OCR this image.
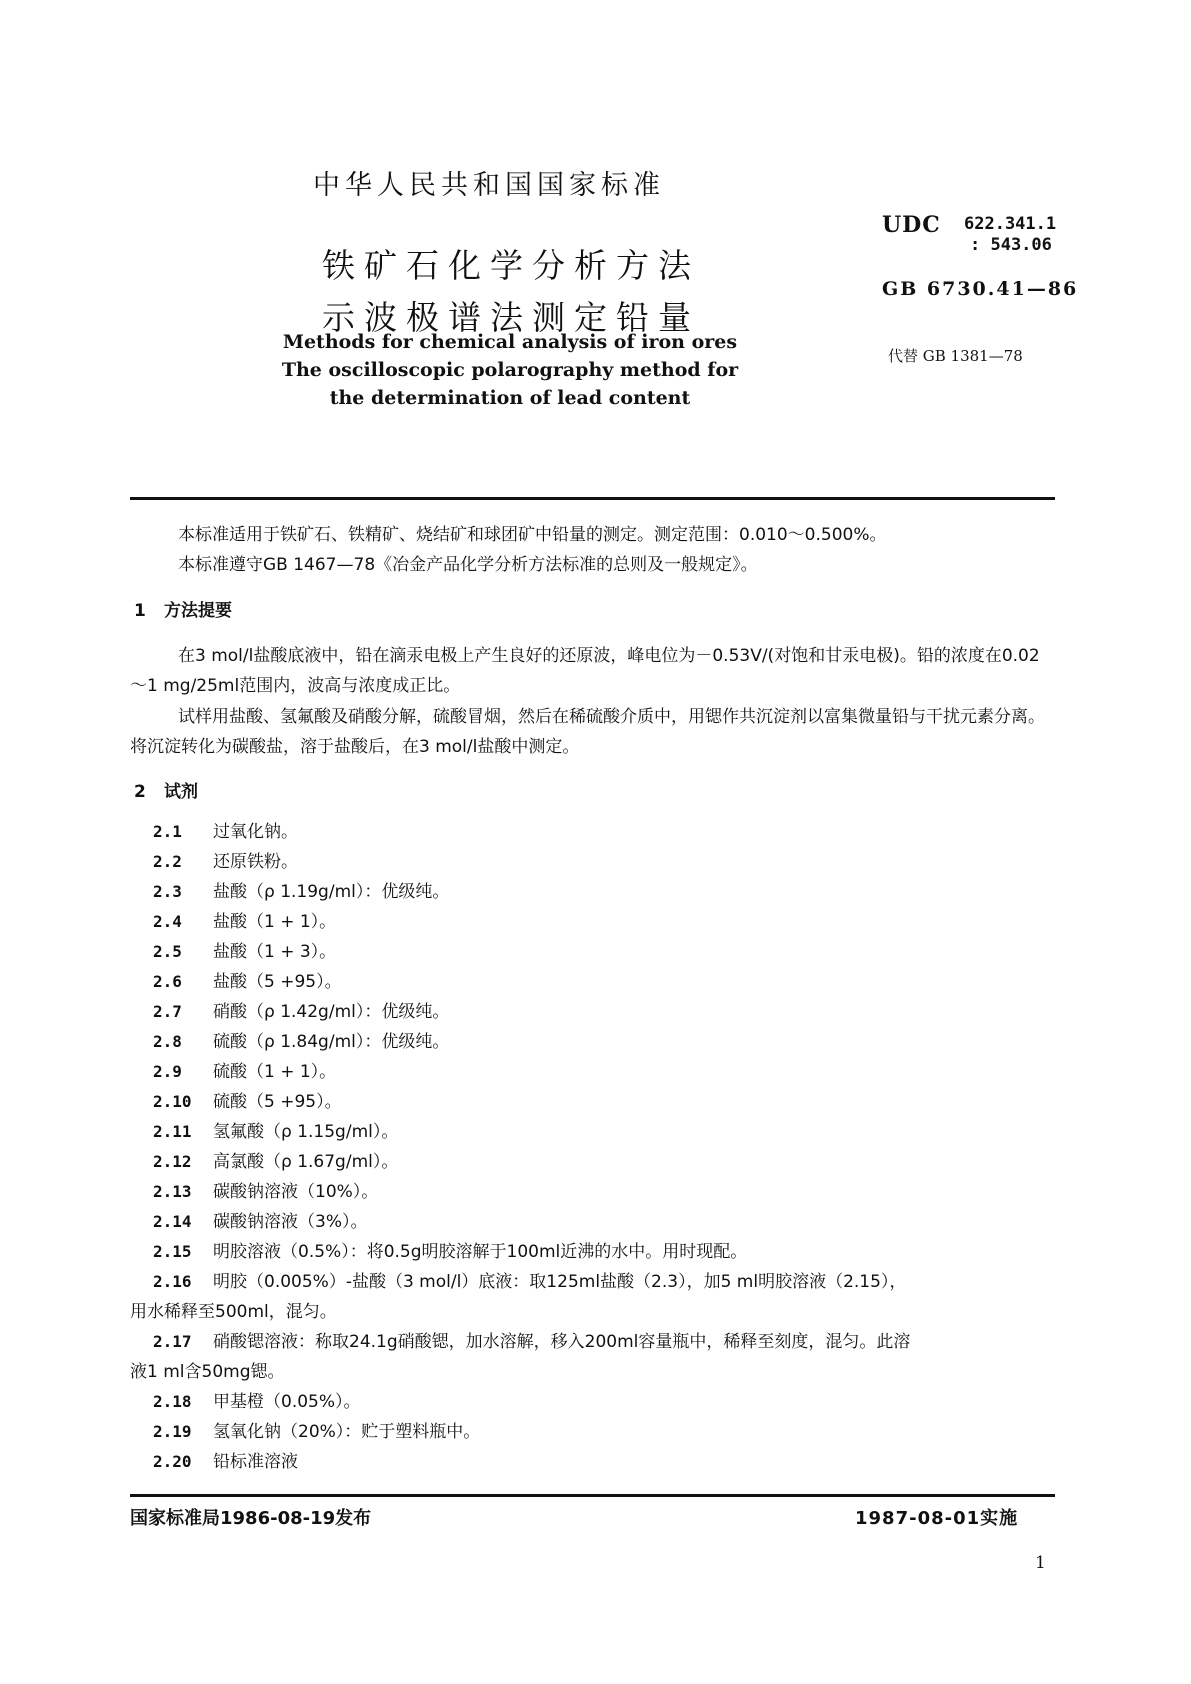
中华人民共和国国家标准
铁矿石化学分析方法
示波极谱法测定铅量
Methods for chemical analysis of iron ores
The oscilloscopic polarography method for
the determination of lead content
UDC 622.341.1
: 543.06
GB 6730.41—86
代替 GB 1381—78
本标准适用于铁矿石、铁精矿、烧结矿和球团矿中铅量的测定。测定范围：0.010～0.500%。
本标准遵守GB 1467—78《冶金产品化学分析方法标准的总则及一般规定》。
1 方法提要
在3 mol/l盐酸底液中，铅在滴汞电极上产生良好的还原波，峰电位为－0.53V/(对饱和甘汞电极)。铅的浓度在0.02～1 mg/25ml范围内，波高与浓度成正比。
试样用盐酸、氢氟酸及硝酸分解，硫酸冒烟，然后在稀硫酸介质中，用锶作共沉淀剂以富集微量铅与干扰元素分离。将沉淀转化为碳酸盐，溶于盐酸后，在3 mol/l盐酸中测定。
2 试剂
2.1 过氧化钠。
2.2 还原铁粉。
2.3 盐酸（ρ 1.19g/ml）：优级纯。
2.4 盐酸（1 + 1）。
2.5 盐酸（1 + 3）。
2.6 盐酸（5 +95）。
2.7 硝酸（ρ 1.42g/ml）：优级纯。
2.8 硫酸（ρ 1.84g/ml）：优级纯。
2.9 硫酸（1 + 1）。
2.10 硫酸（5 +95）。
2.11 氢氟酸（ρ 1.15g/ml）。
2.12 高氯酸（ρ 1.67g/ml）。
2.13 碳酸钠溶液（10%）。
2.14 碳酸钠溶液（3%）。
2.15 明胶溶液（0.5%）：将0.5g明胶溶解于100ml近沸的水中。用时现配。
2.16 明胶（0.005%）-盐酸（3 mol/l）底液：取125ml盐酸（2.3），加5 ml明胶溶液（2.15），
用水稀释至500ml，混匀。
2.17 硝酸锶溶液：称取24.1g硝酸锶，加水溶解，移入200ml容量瓶中，稀释至刻度，混匀。此溶
液1 ml含50mg锶。
2.18 甲基橙（0.05%）。
2.19 氢氧化钠（20%）：贮于塑料瓶中。
2.20 铅标准溶液
国家标准局1986-08-19发布	1987-08-01实施
1
